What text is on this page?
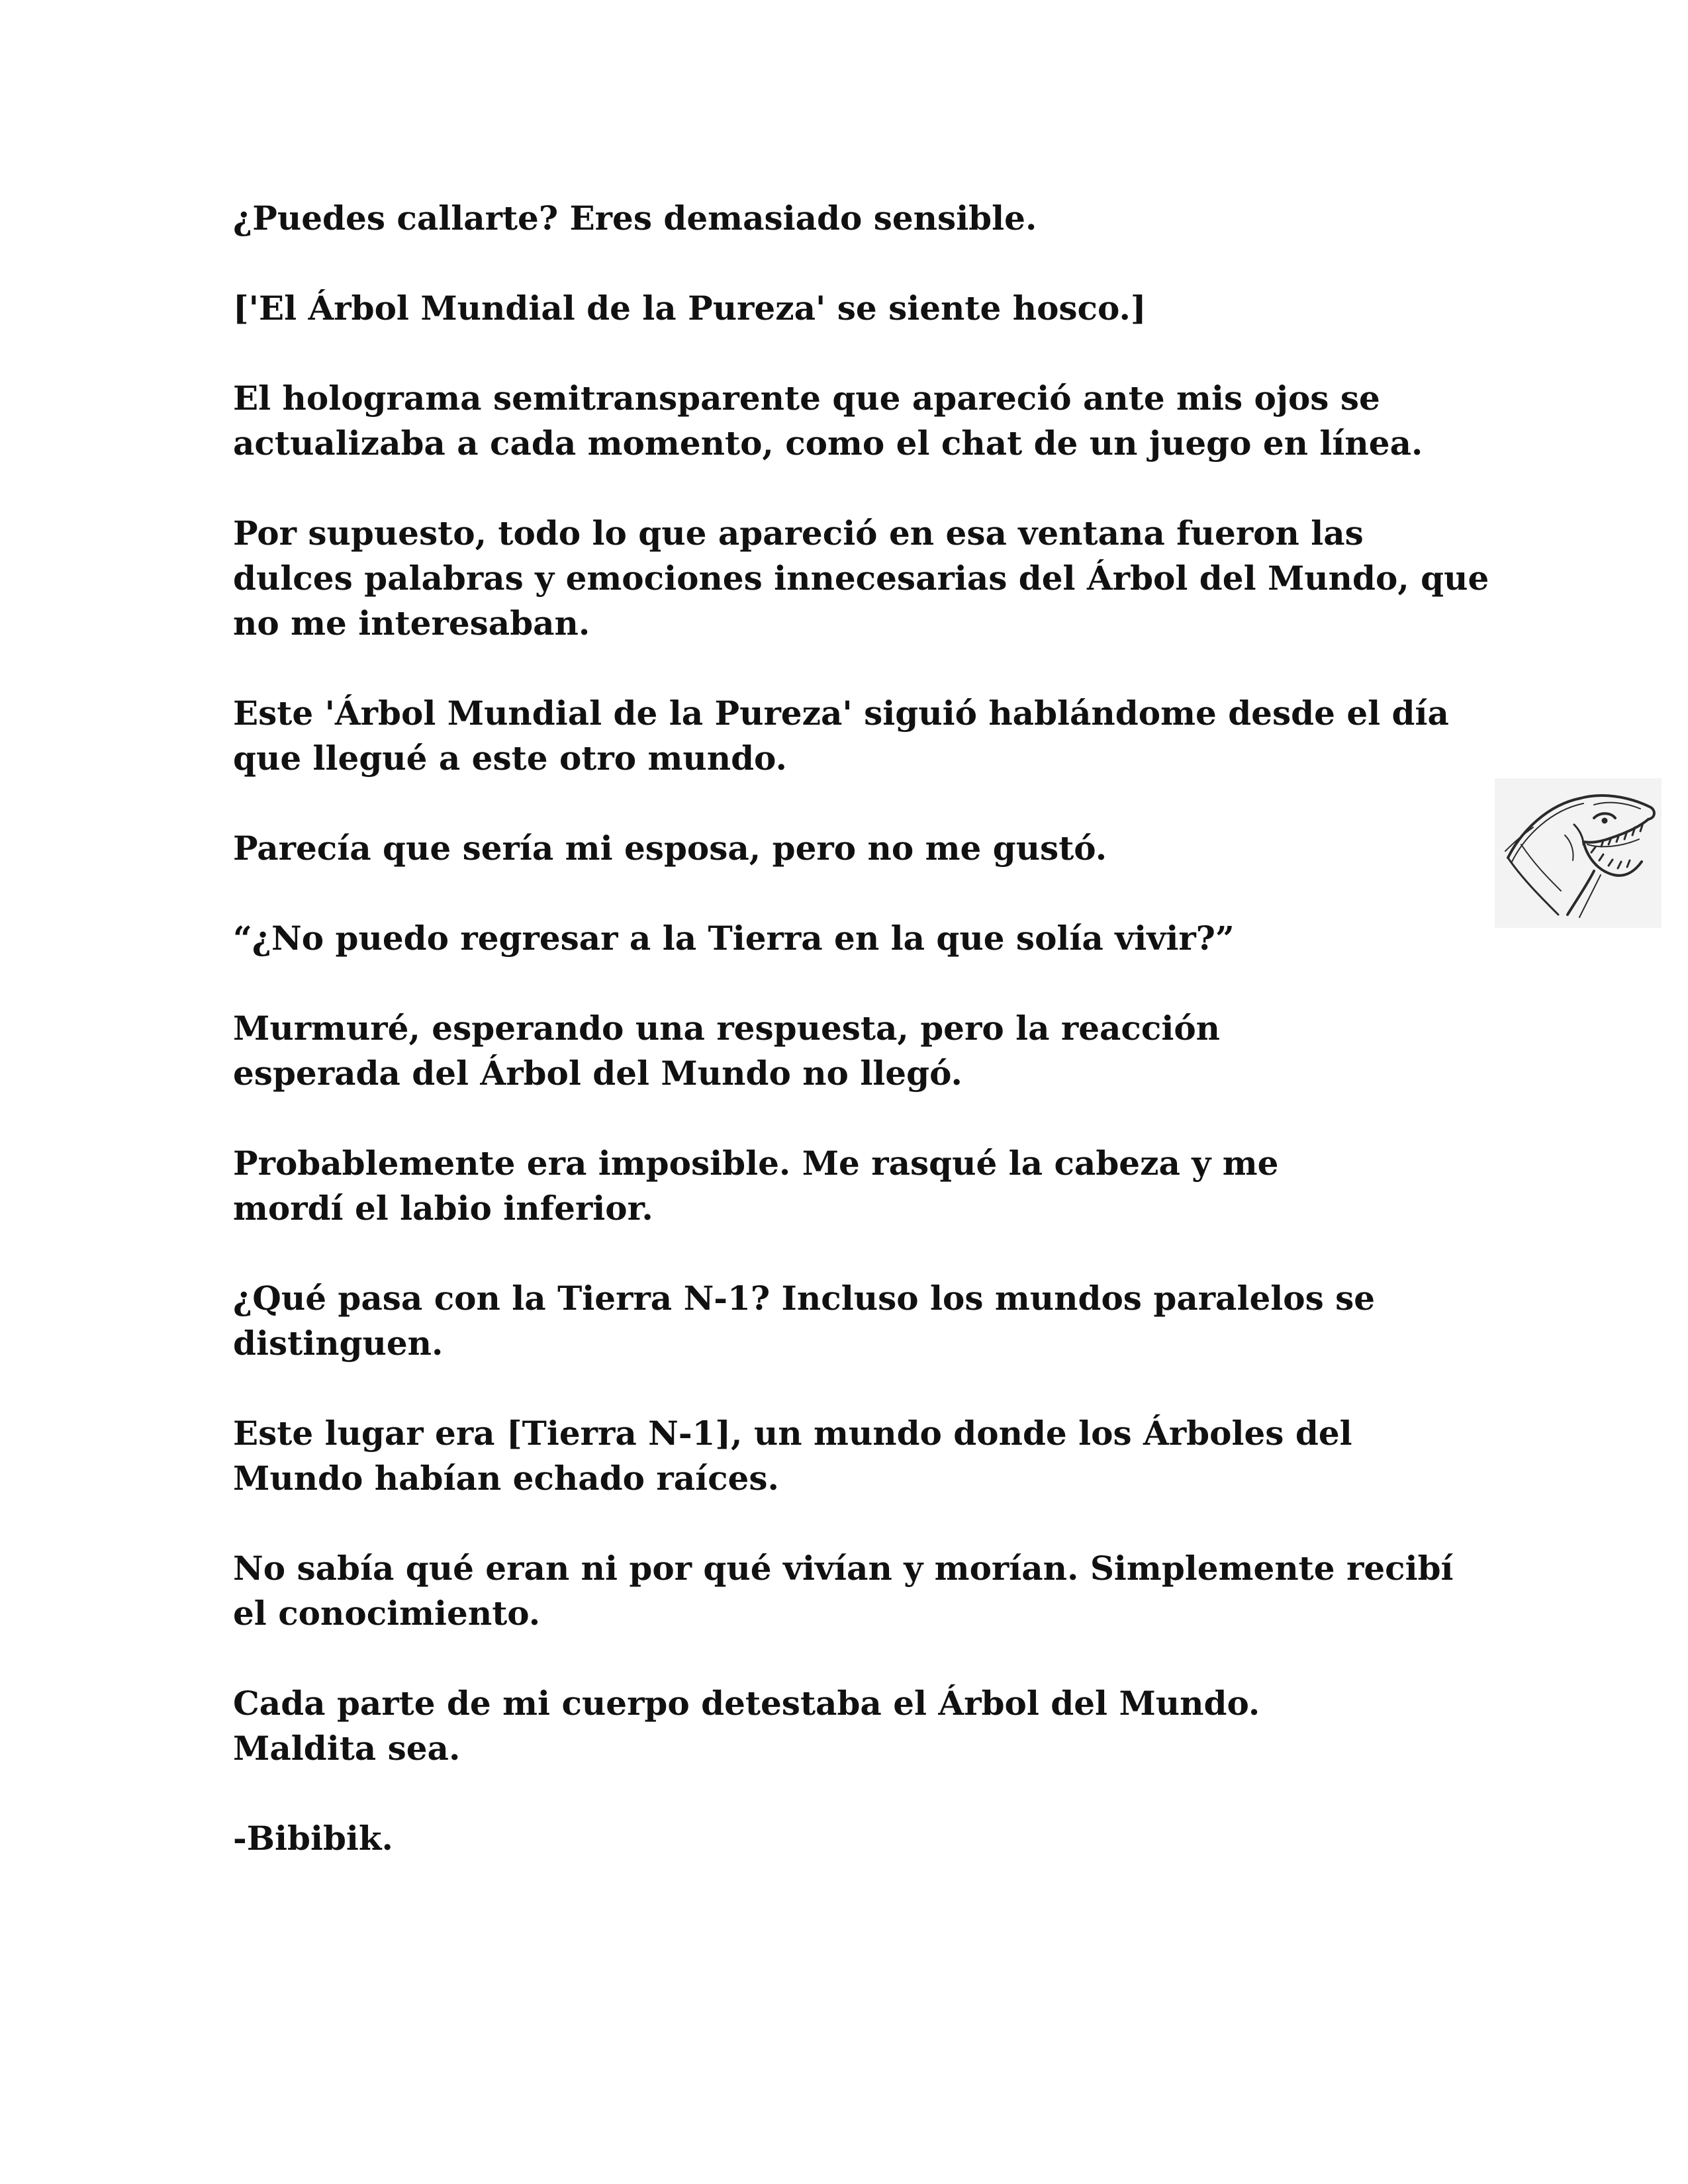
¿Puedes callarte? Eres demasiado sensible.

['El Árbol Mundial de la Pureza' se siente hosco.]

El holograma semitransparente que apareció ante mis ojos se actualizaba a cada momento, como el chat de un juego en línea.

Por supuesto, todo lo que apareció en esa ventana fueron las dulces palabras y emociones innecesarias del Árbol del Mundo, que no me interesaban.

Este 'Árbol Mundial de la Pureza' siguió hablándome desde el día que llegué a este otro mundo.

Parecía que sería mi esposa, pero no me gustó.

“¿No puedo regresar a la Tierra en la que solía vivir?”

Murmuré, esperando una respuesta, pero la reacción esperada del Árbol del Mundo no llegó.

Probablemente era imposible. Me rasqué la cabeza y me mordí el labio inferior.

¿Qué pasa con la Tierra N-1? Incluso los mundos paralelos se distinguen.

Este lugar era [Tierra N-1], un mundo donde los Árboles del Mundo habían echado raíces.

No sabía qué eran ni por qué vivían y morían. Simplemente recibí el conocimiento.

Cada parte de mi cuerpo detestaba el Árbol del Mundo. Maldita sea.

-Bibibik.
